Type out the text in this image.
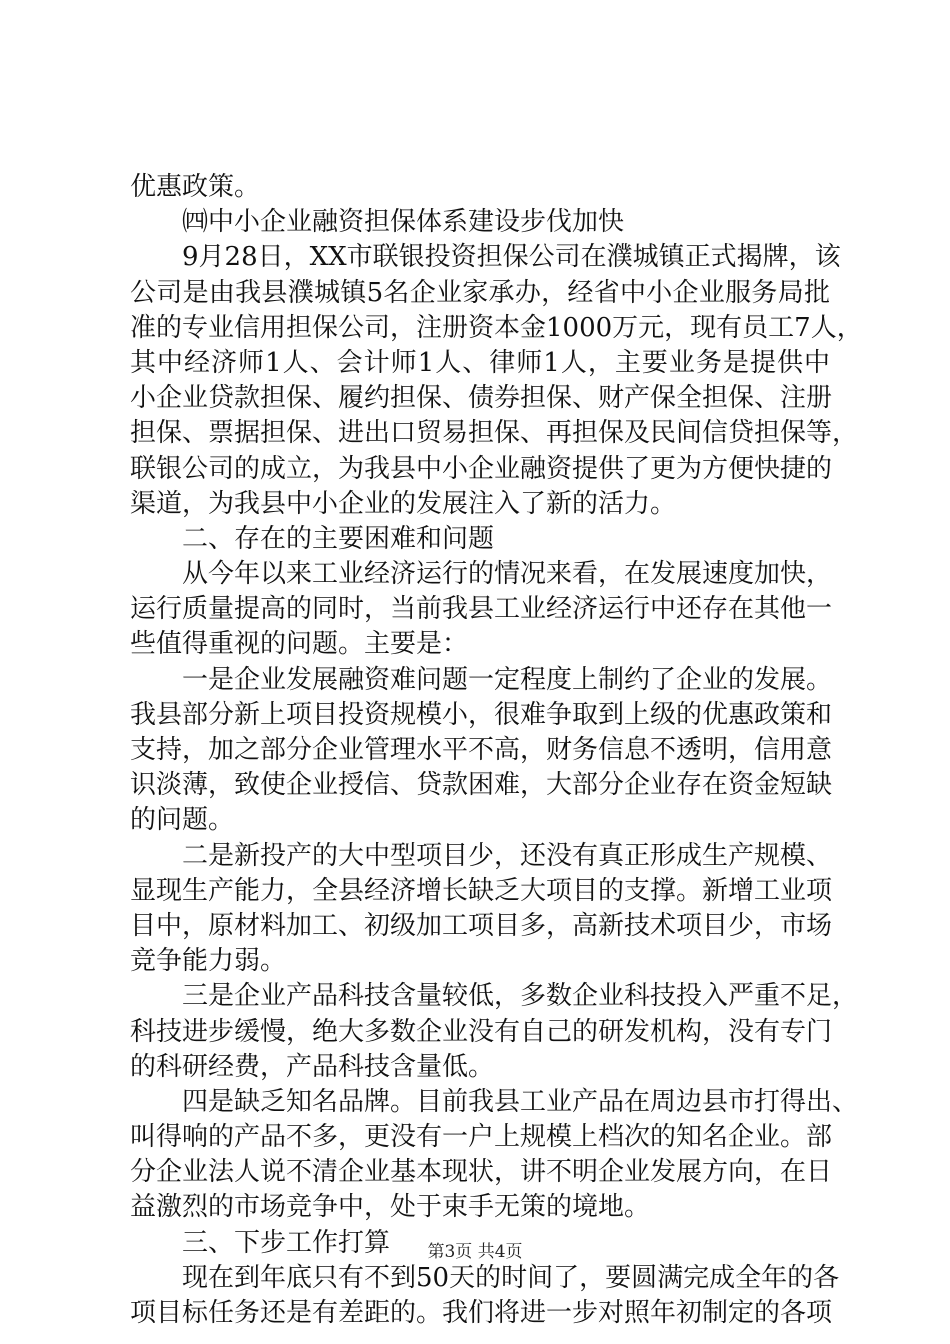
优惠政策。
㈣中小企业融资担保体系建设步伐加快
9月28日，XX市联银投资担保公司在濮城镇正式揭牌，该
公司是由我县濮城镇5名企业家承办，经省中小企业服务局批
准的专业信用担保公司，注册资本金1000万元，现有员工7人，
其中经济师1人、会计师1人、律师1人，主要业务是提供中
小企业贷款担保、履约担保、债券担保、财产保全担保、注册
担保、票据担保、进出口贸易担保、再担保及民间信贷担保等，
联银公司的成立，为我县中小企业融资提供了更为方便快捷的
渠道，为我县中小企业的发展注入了新的活力。
二、存在的主要困难和问题
从今年以来工业经济运行的情况来看，在发展速度加快，
运行质量提高的同时，当前我县工业经济运行中还存在其他一
些值得重视的问题。主要是：
一是企业发展融资难问题一定程度上制约了企业的发展。
我县部分新上项目投资规模小，很难争取到上级的优惠政策和
支持，加之部分企业管理水平不高，财务信息不透明，信用意
识淡薄，致使企业授信、贷款困难，大部分企业存在资金短缺
的问题。
二是新投产的大中型项目少，还没有真正形成生产规模、
显现生产能力，全县经济增长缺乏大项目的支撑。新增工业项
目中，原材料加工、初级加工项目多，高新技术项目少，市场
竞争能力弱。
三是企业产品科技含量较低，多数企业科技投入严重不足，
科技进步缓慢，绝大多数企业没有自己的研发机构，没有专门
的科研经费，产品科技含量低。
四是缺乏知名品牌。目前我县工业产品在周边县市打得出、
叫得响的产品不多，更没有一户上规模上档次的知名企业。部
分企业法人说不清企业基本现状，讲不明企业发展方向，在日
益激烈的市场竞争中，处于束手无策的境地。
三、下步工作打算
现在到年底只有不到50天的时间了，要圆满完成全年的各
项目标任务还是有差距的。我们将进一步对照年初制定的各项
第3页 共4页
